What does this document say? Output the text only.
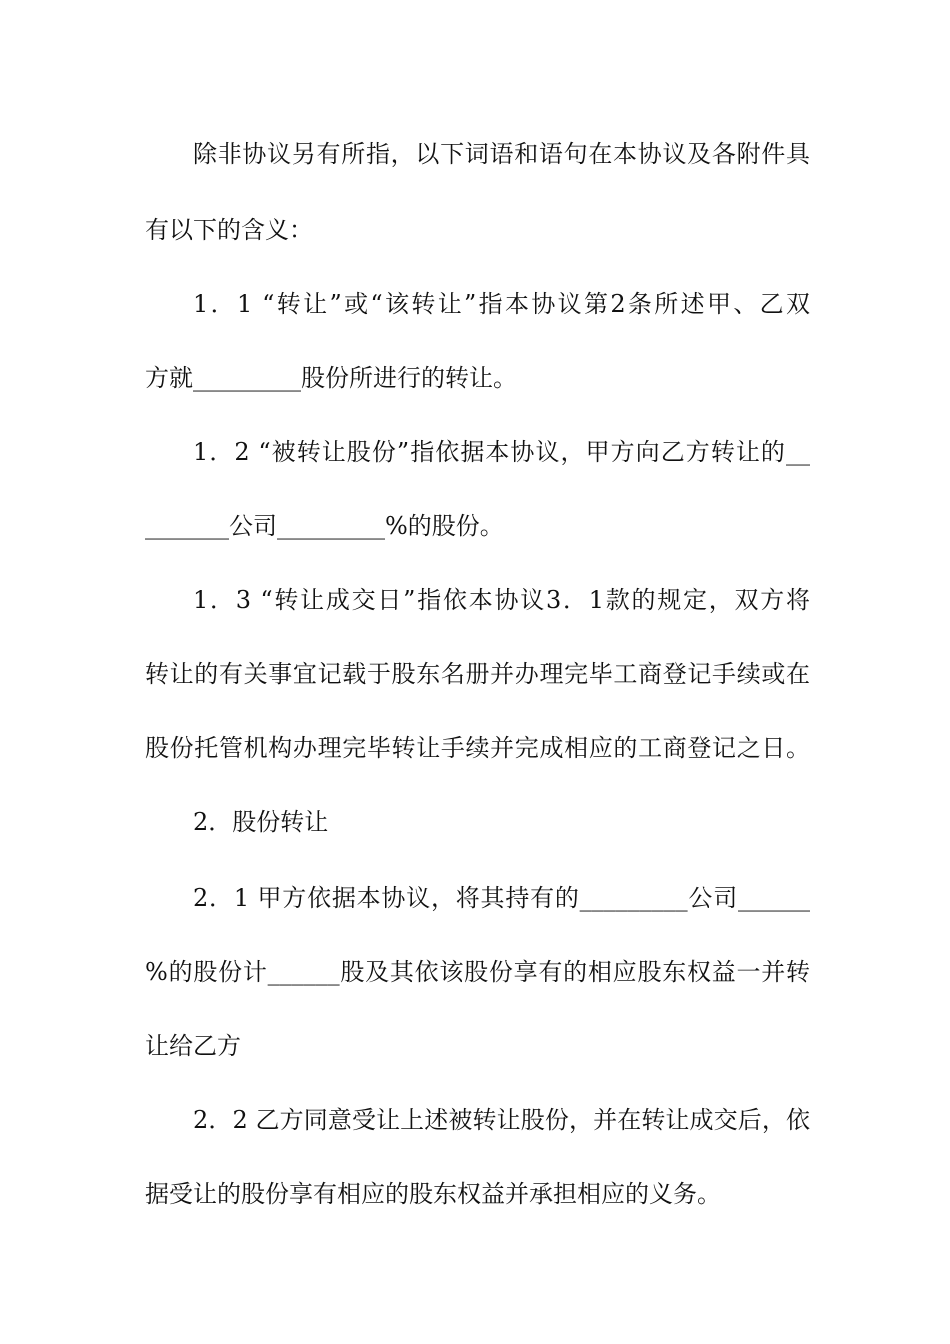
除非协议另有所指，以下词语和语句在本协议及各附件具
有以下的含义：
1．1 “转让”或“该转让”指本协议第2条所述甲、乙双
方就_________股份所进行的转让。
1．2 “被转让股份”指依据本协议，甲方向乙方转让的__
_______公司_________%的股份。
1．3 “转让成交日”指依本协议3．1款的规定，双方将
转让的有关事宜记载于股东名册并办理完毕工商登记手续或在
股份托管机构办理完毕转让手续并完成相应的工商登记之日。
2．股份转让
2．1 甲方依据本协议，将其持有的_________公司______
%的股份计______股及其依该股份享有的相应股东权益一并转
让给乙方
2．2 乙方同意受让上述被转让股份，并在转让成交后，依
据受让的股份享有相应的股东权益并承担相应的义务。
